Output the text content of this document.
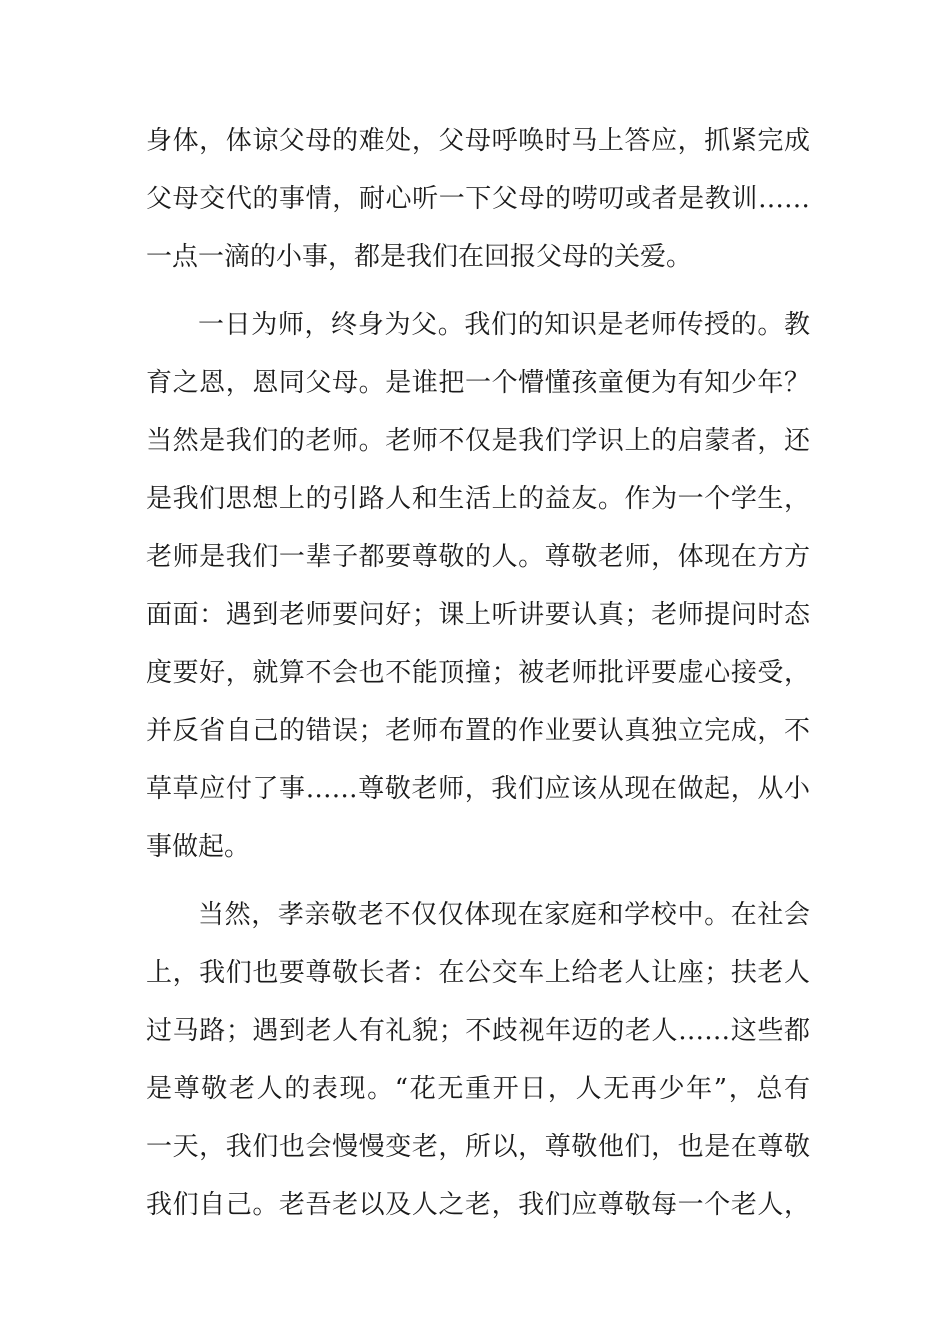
身体，体谅父母的难处，父母呼唤时马上答应，抓紧完成
父母交代的事情，耐心听一下父母的唠叨或者是教训……
一点一滴的小事，都是我们在回报父母的关爱。
一日为师，终身为父。我们的知识是老师传授的。教
育之恩，恩同父母。是谁把一个懵懂孩童便为有知少年？
当然是我们的老师。老师不仅是我们学识上的启蒙者，还
是我们思想上的引路人和生活上的益友。作为一个学生，
老师是我们一辈子都要尊敬的人。尊敬老师，体现在方方
面面：遇到老师要问好；课上听讲要认真；老师提问时态
度要好，就算不会也不能顶撞；被老师批评要虚心接受，
并反省自己的错误；老师布置的作业要认真独立完成，不
草草应付了事……尊敬老师，我们应该从现在做起，从小
事做起。
当然，孝亲敬老不仅仅体现在家庭和学校中。在社会
上，我们也要尊敬长者：在公交车上给老人让座；扶老人
过马路；遇到老人有礼貌；不歧视年迈的老人……这些都
是尊敬老人的表现。“花无重开日，人无再少年”，总有
一天，我们也会慢慢变老，所以，尊敬他们，也是在尊敬
我们自己。老吾老以及人之老，我们应尊敬每一个老人，
